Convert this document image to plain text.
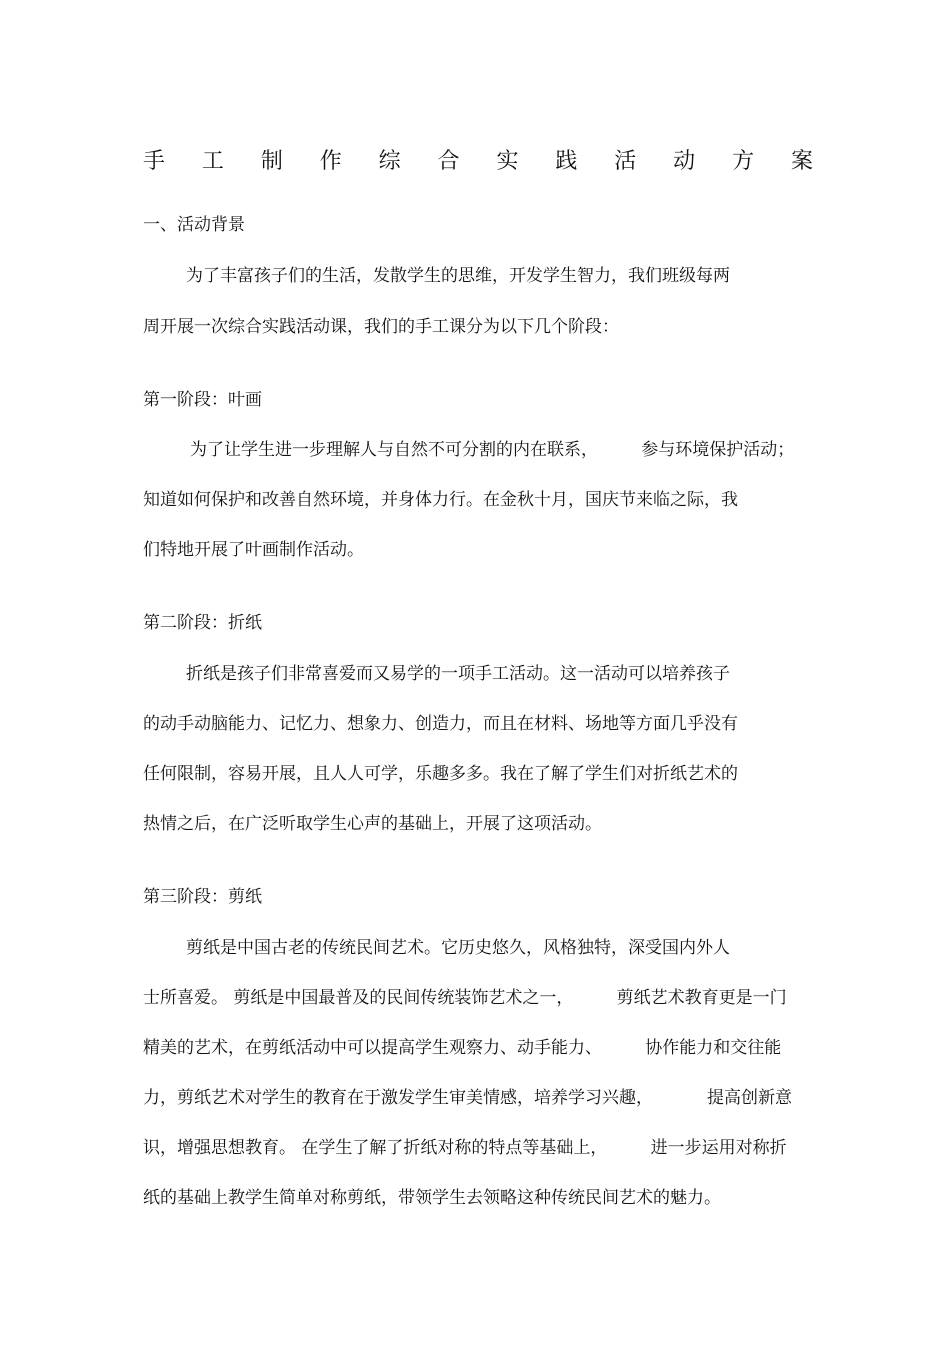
手 工 制 作 综 合 实 践 活 动 方 案
一、活动背景
为了丰富孩子们的生活，发散学生的思维，开发学生智力，我们班级每两
周开展一次综合实践活动课，我们的手工课分为以下几个阶段：
第一阶段：叶画
为了让学生进一步理解人与自然不可分割的内在联系，        参与环境保护活动；
知道如何保护和改善自然环境，并身体力行。在金秋十月，国庆节来临之际，我
们特地开展了叶画制作活动。
第二阶段：折纸
折纸是孩子们非常喜爱而又易学的一项手工活动。这一活动可以培养孩子
的动手动脑能力、记忆力、想象力、创造力，而且在材料、场地等方面几乎没有
任何限制，容易开展，且人人可学，乐趣多多。我在了解了学生们对折纸艺术的
热情之后，在广泛听取学生心声的基础上，开展了这项活动。
第三阶段：剪纸
剪纸是中国古老的传统民间艺术。它历史悠久，风格独特，深受国内外人
士所喜爱。 剪纸是中国最普及的民间传统装饰艺术之一，        剪纸艺术教育更是一门
精美的艺术，在剪纸活动中可以提高学生观察力、动手能力、        协作能力和交往能
力，剪纸艺术对学生的教育在于激发学生审美情感，培养学习兴趣，          提高创新意
识，增强思想教育。 在学生了解了折纸对称的特点等基础上，        进一步运用对称折
纸的基础上教学生简单对称剪纸，带领学生去领略这种传统民间艺术的魅力。
